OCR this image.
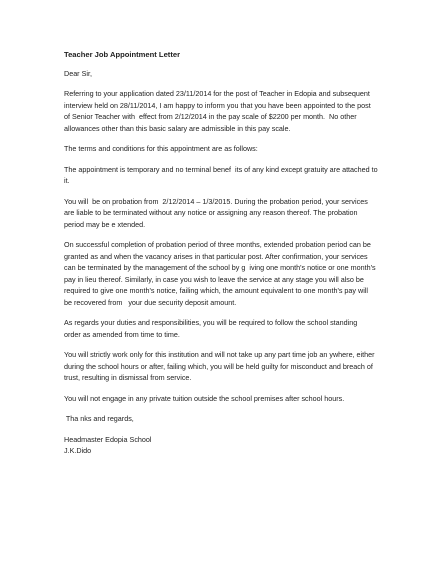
Teacher Job Appointment Letter
Dear Sir,

Referring to your application dated 23/11/2014 for the post of Teacher in Edopia and subsequent
interview held on 28/11/2014, I am happy to inform you that you have been appointed to the post
of Senior Teacher with  effect from 2/12/2014 in the pay scale of $2200 per month.  No other
allowances other than this basic salary are admissible in this pay scale.

The terms and conditions for this appointment are as follows:

The appointment is temporary and no terminal benef  its of any kind except gratuity are attached to
it.

You will  be on probation from  2/12/2014 – 1/3/2015. During the probation period, your services
are liable to be terminated without any notice or assigning any reason thereof. The probation
period may be e xtended.

On successful completion of probation period of three months, extended probation period can be
granted as and when the vacancy arises in that particular post. After confirmation, your services
can be terminated by the management of the school by g  iving one month's notice or one month's
pay in lieu thereof. Similarly, in case you wish to leave the service at any stage you will also be
required to give one month's notice, failing which, the amount equivalent to one month's pay will
be recovered from   your due security deposit amount.

As regards your duties and responsibilities, you will be required to follow the school standing
order as amended from time to time.

You will strictly work only for this institution and will not take up any part time job an ywhere, either
during the school hours or after, failing which, you will be held guilty for misconduct and breach of
trust, resulting in dismissal from service.

You will not engage in any private tuition outside the school premises after school hours.

Tha nks and regards,

Headmaster Edopia School
J.K.Dido
